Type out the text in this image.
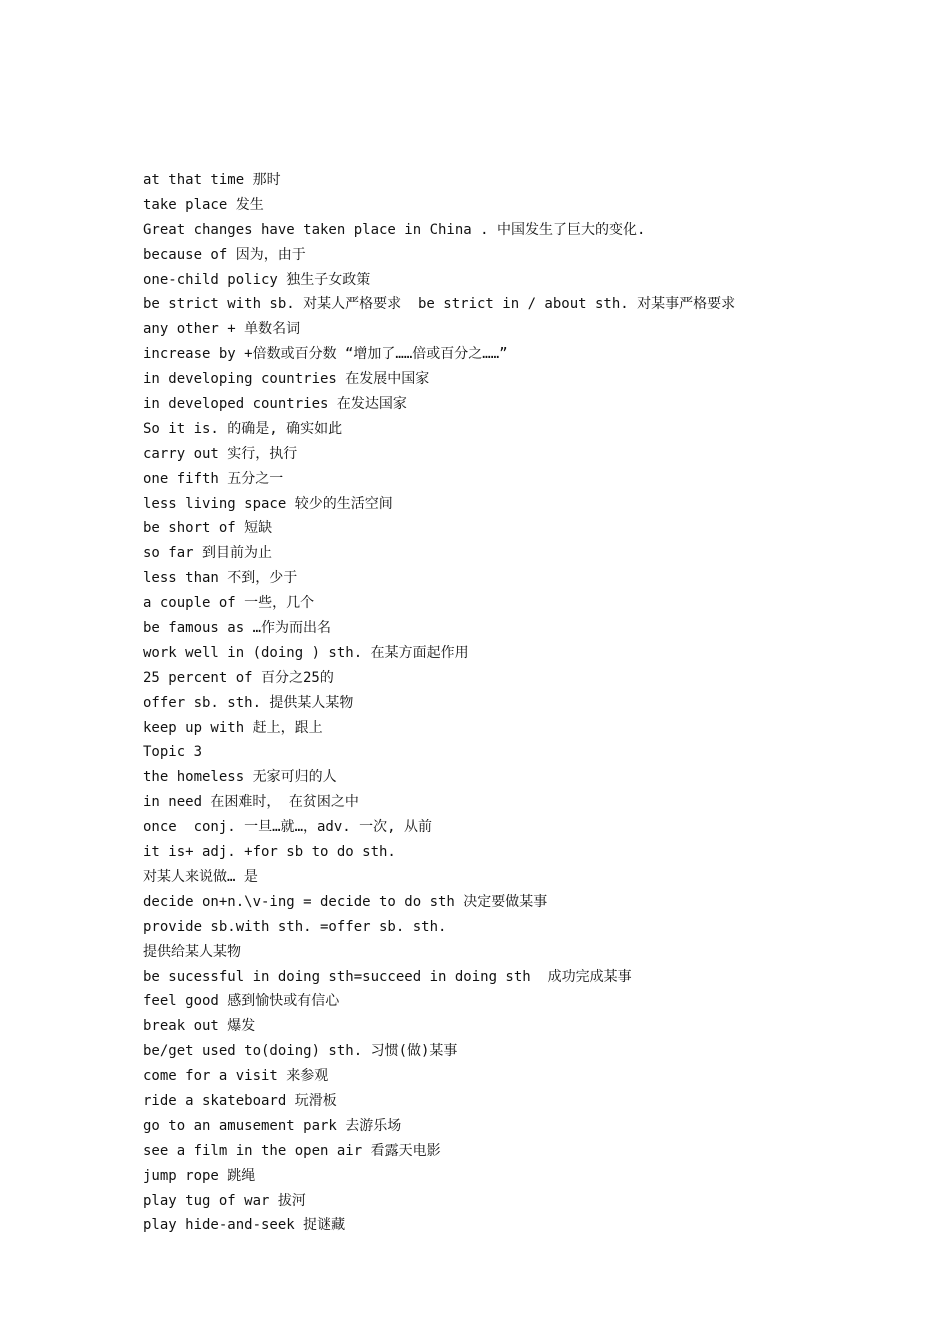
at that time 那时
take place 发生
Great changes have taken place in China . 中国发生了巨大的变化.
because of 因为，由于
one-child policy 独生子女政策
be strict with sb. 对某人严格要求  be strict in / about sth. 对某事严格要求
any other + 单数名词
increase by +倍数或百分数 “增加了……倍或百分之……”
in developing countries 在发展中国家
in developed countries 在发达国家
So it is. 的确是, 确实如此
carry out 实行，执行
one fifth 五分之一
less living space 较少的生活空间
be short of 短缺
so far 到目前为止
less than 不到，少于
a couple of 一些，几个
be famous as …作为而出名
work well in (doing ) sth. 在某方面起作用
25 percent of 百分之25的
offer sb. sth. 提供某人某物
keep up with 赶上，跟上
Topic 3
the homeless 无家可归的人
in need 在困难时， 在贫困之中
once  conj. 一旦…就…，adv. 一次, 从前
it is+ adj. +for sb to do sth.
对某人来说做… 是
decide on+n.\v-ing = decide to do sth 决定要做某事
provide sb.with sth. =offer sb. sth.
提供给某人某物
be sucessful in doing sth=succeed in doing sth  成功完成某事
feel good 感到愉快或有信心
break out 爆发
be/get used to(doing) sth. 习惯(做)某事
come for a visit 来参观
ride a skateboard 玩滑板
go to an amusement park 去游乐场
see a film in the open air 看露天电影
jump rope 跳绳
play tug of war 拔河
play hide-and-seek 捉谜藏
